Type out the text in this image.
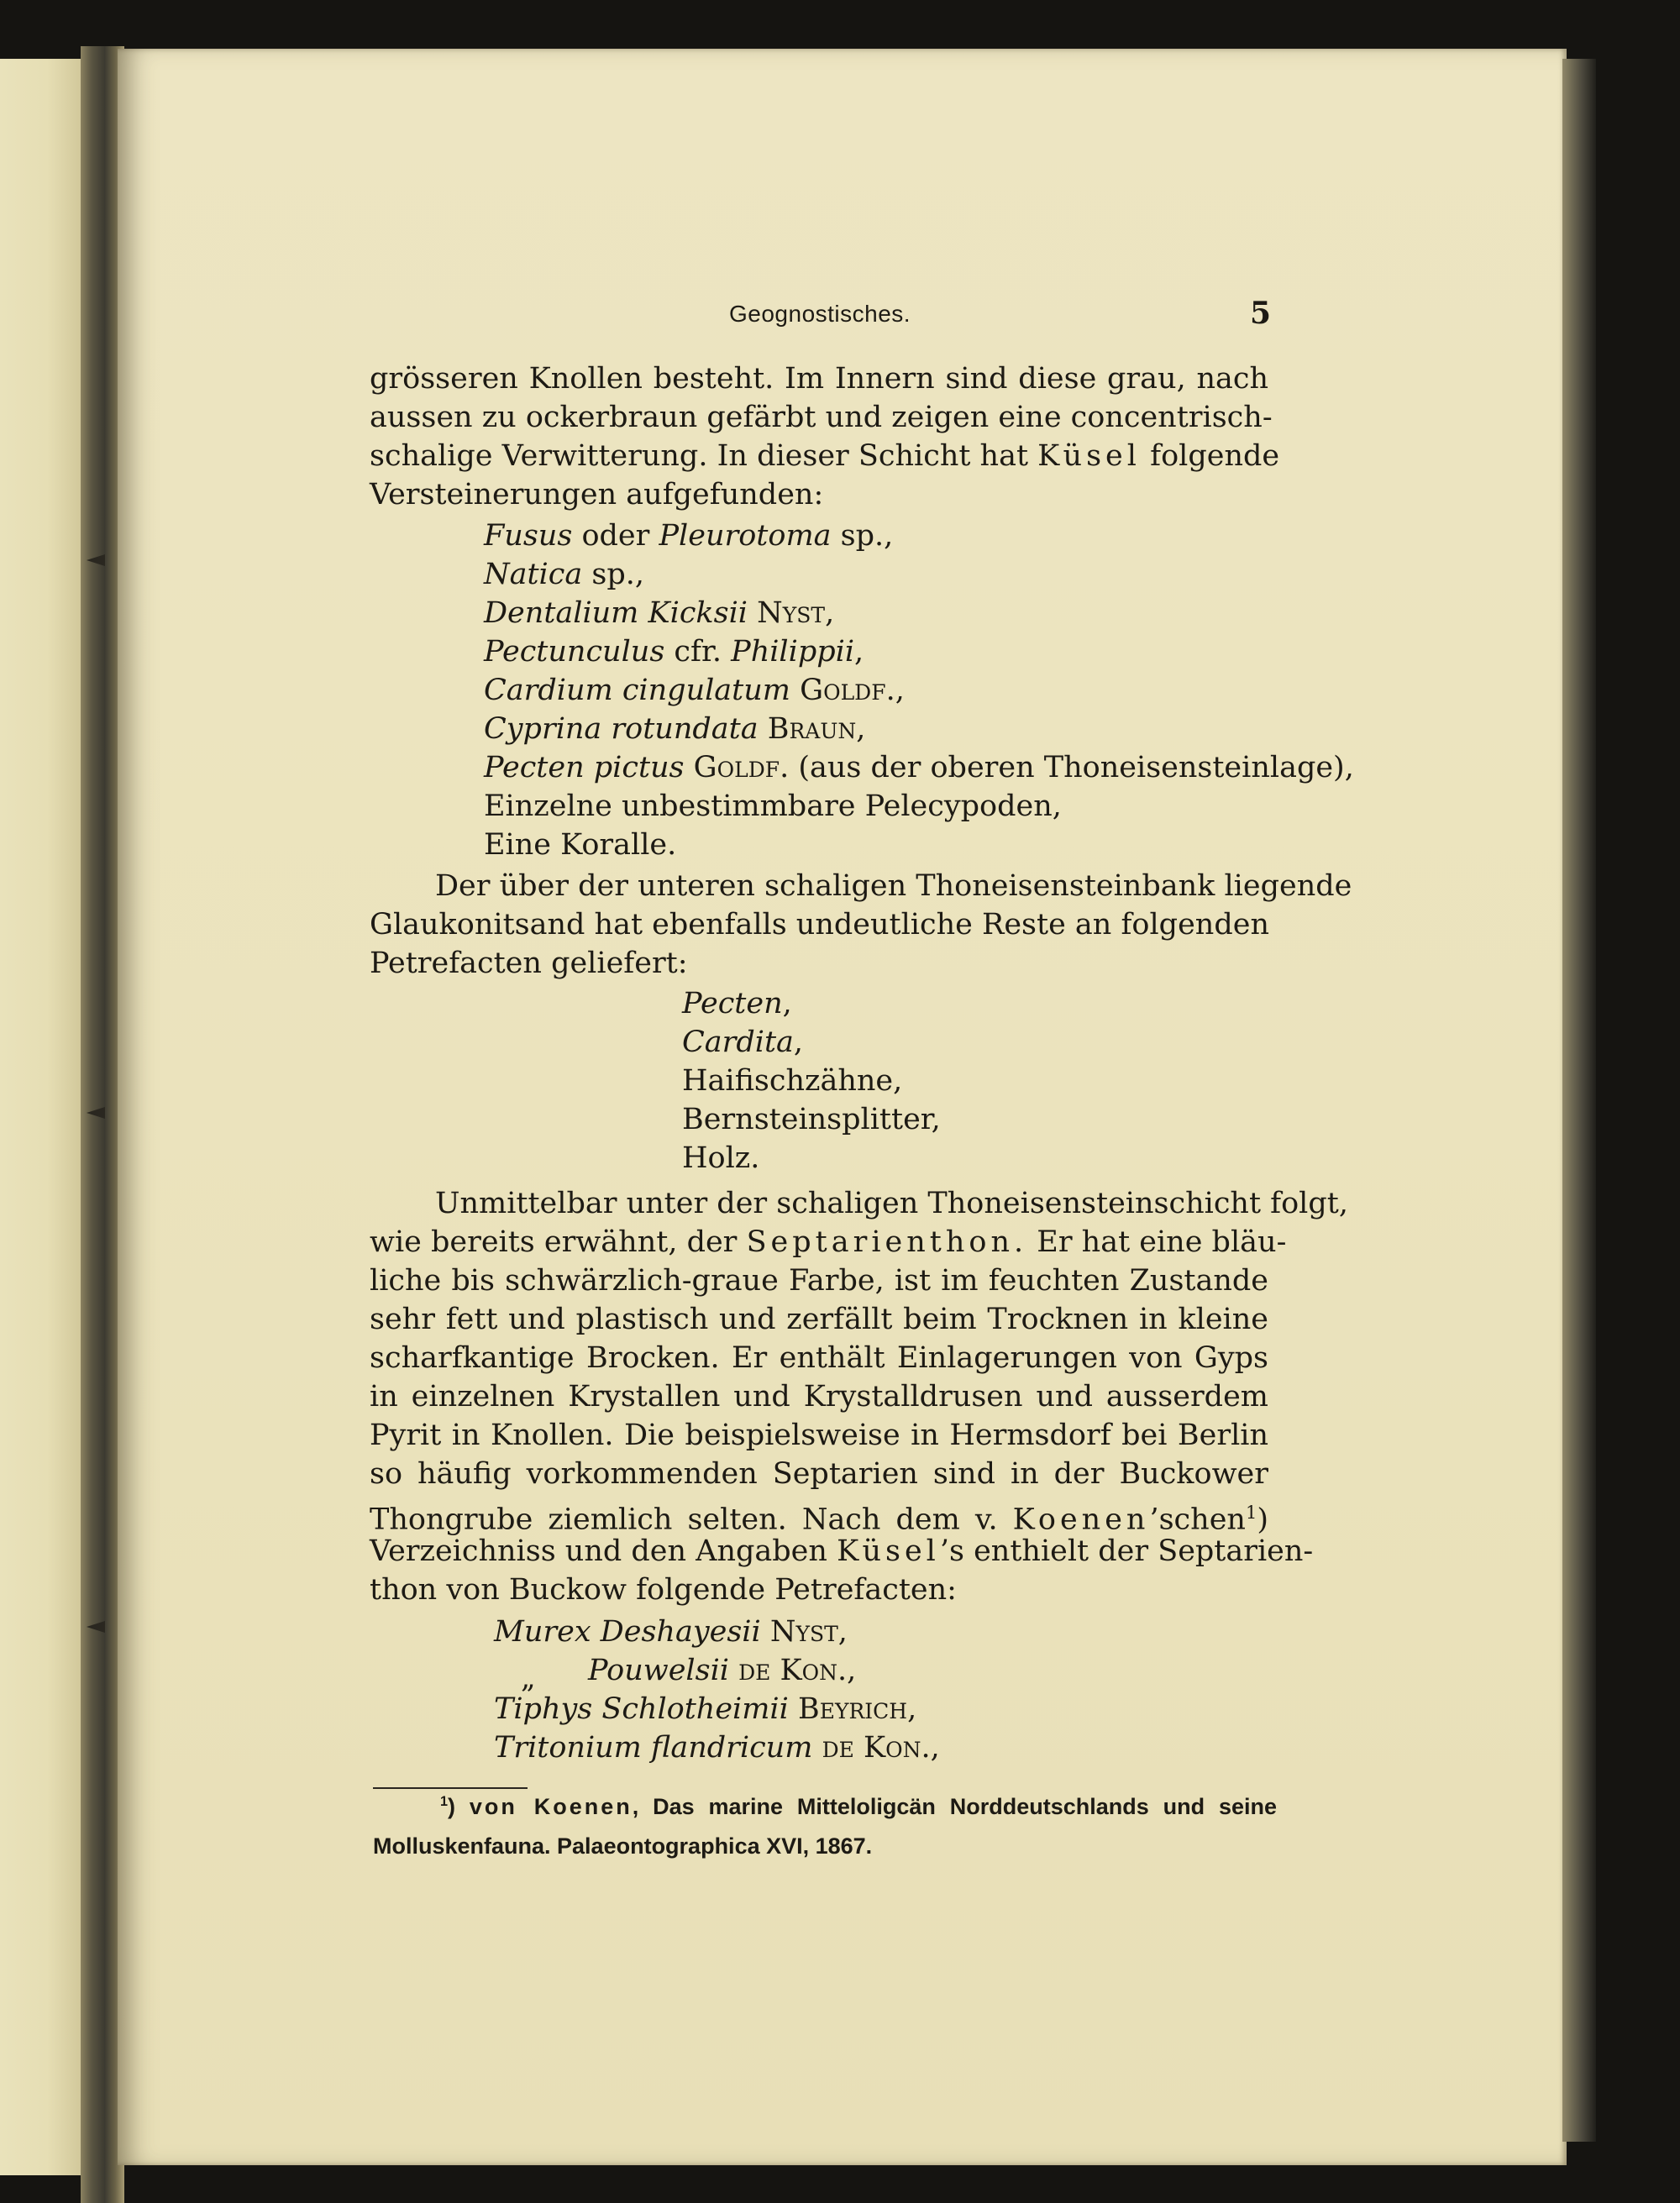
Geognostisches.	5
grösseren Knollen besteht. Im Innern sind diese grau, nach
aussen zu ockerbraun gefärbt und zeigen eine concentrisch-
schalige Verwitterung. In dieser Schicht hat Küsel folgende
Versteinerungen aufgefunden:
Fusus oder Pleurotoma sp.,
Natica sp.,
Dentalium Kicksii Nyst,
Pectunculus cfr. Philippii,
Cardium cingulatum Goldf.,
Cyprina rotundata Braun,
Pecten pictus Goldf. (aus der oberen Thoneisensteinlage),
Einzelne unbestimmbare Pelecypoden,
Eine Koralle.
Der über der unteren schaligen Thoneisensteinbank liegende
Glaukonitsand hat ebenfalls undeutliche Reste an folgenden
Petrefacten geliefert:
Pecten,
Cardita,
Haifischzähne,
Bernsteinsplitter,
Holz.
Unmittelbar unter der schaligen Thoneisensteinschicht folgt,
wie bereits erwähnt, der Septarienthon. Er hat eine bläu-
liche bis schwärzlich-graue Farbe, ist im feuchten Zustande
sehr fett und plastisch und zerfällt beim Trocknen in kleine
scharfkantige Brocken. Er enthält Einlagerungen von Gyps
in einzelnen Krystallen und Krystalldrusen und ausserdem
Pyrit in Knollen. Die beispielsweise in Hermsdorf bei Berlin
so häufig vorkommenden Septarien sind in der Buckower
Thongrube ziemlich selten. Nach dem v. Koenen’schen$^1$)
Verzeichniss und den Angaben Küsel’s enthielt der Septarien-
thon von Buckow folgende Petrefacten:
Murex Deshayesii Nyst,
„ Pouwelsii de Kon.,
Tiphys Schlotheimii Beyrich,
Tritonium flandricum de Kon.,
$^1$) von Koenen, Das marine Mitteloligcän Norddeutschlands und seine
Molluskenfauna. Palaeontographica XVI, 1867.
